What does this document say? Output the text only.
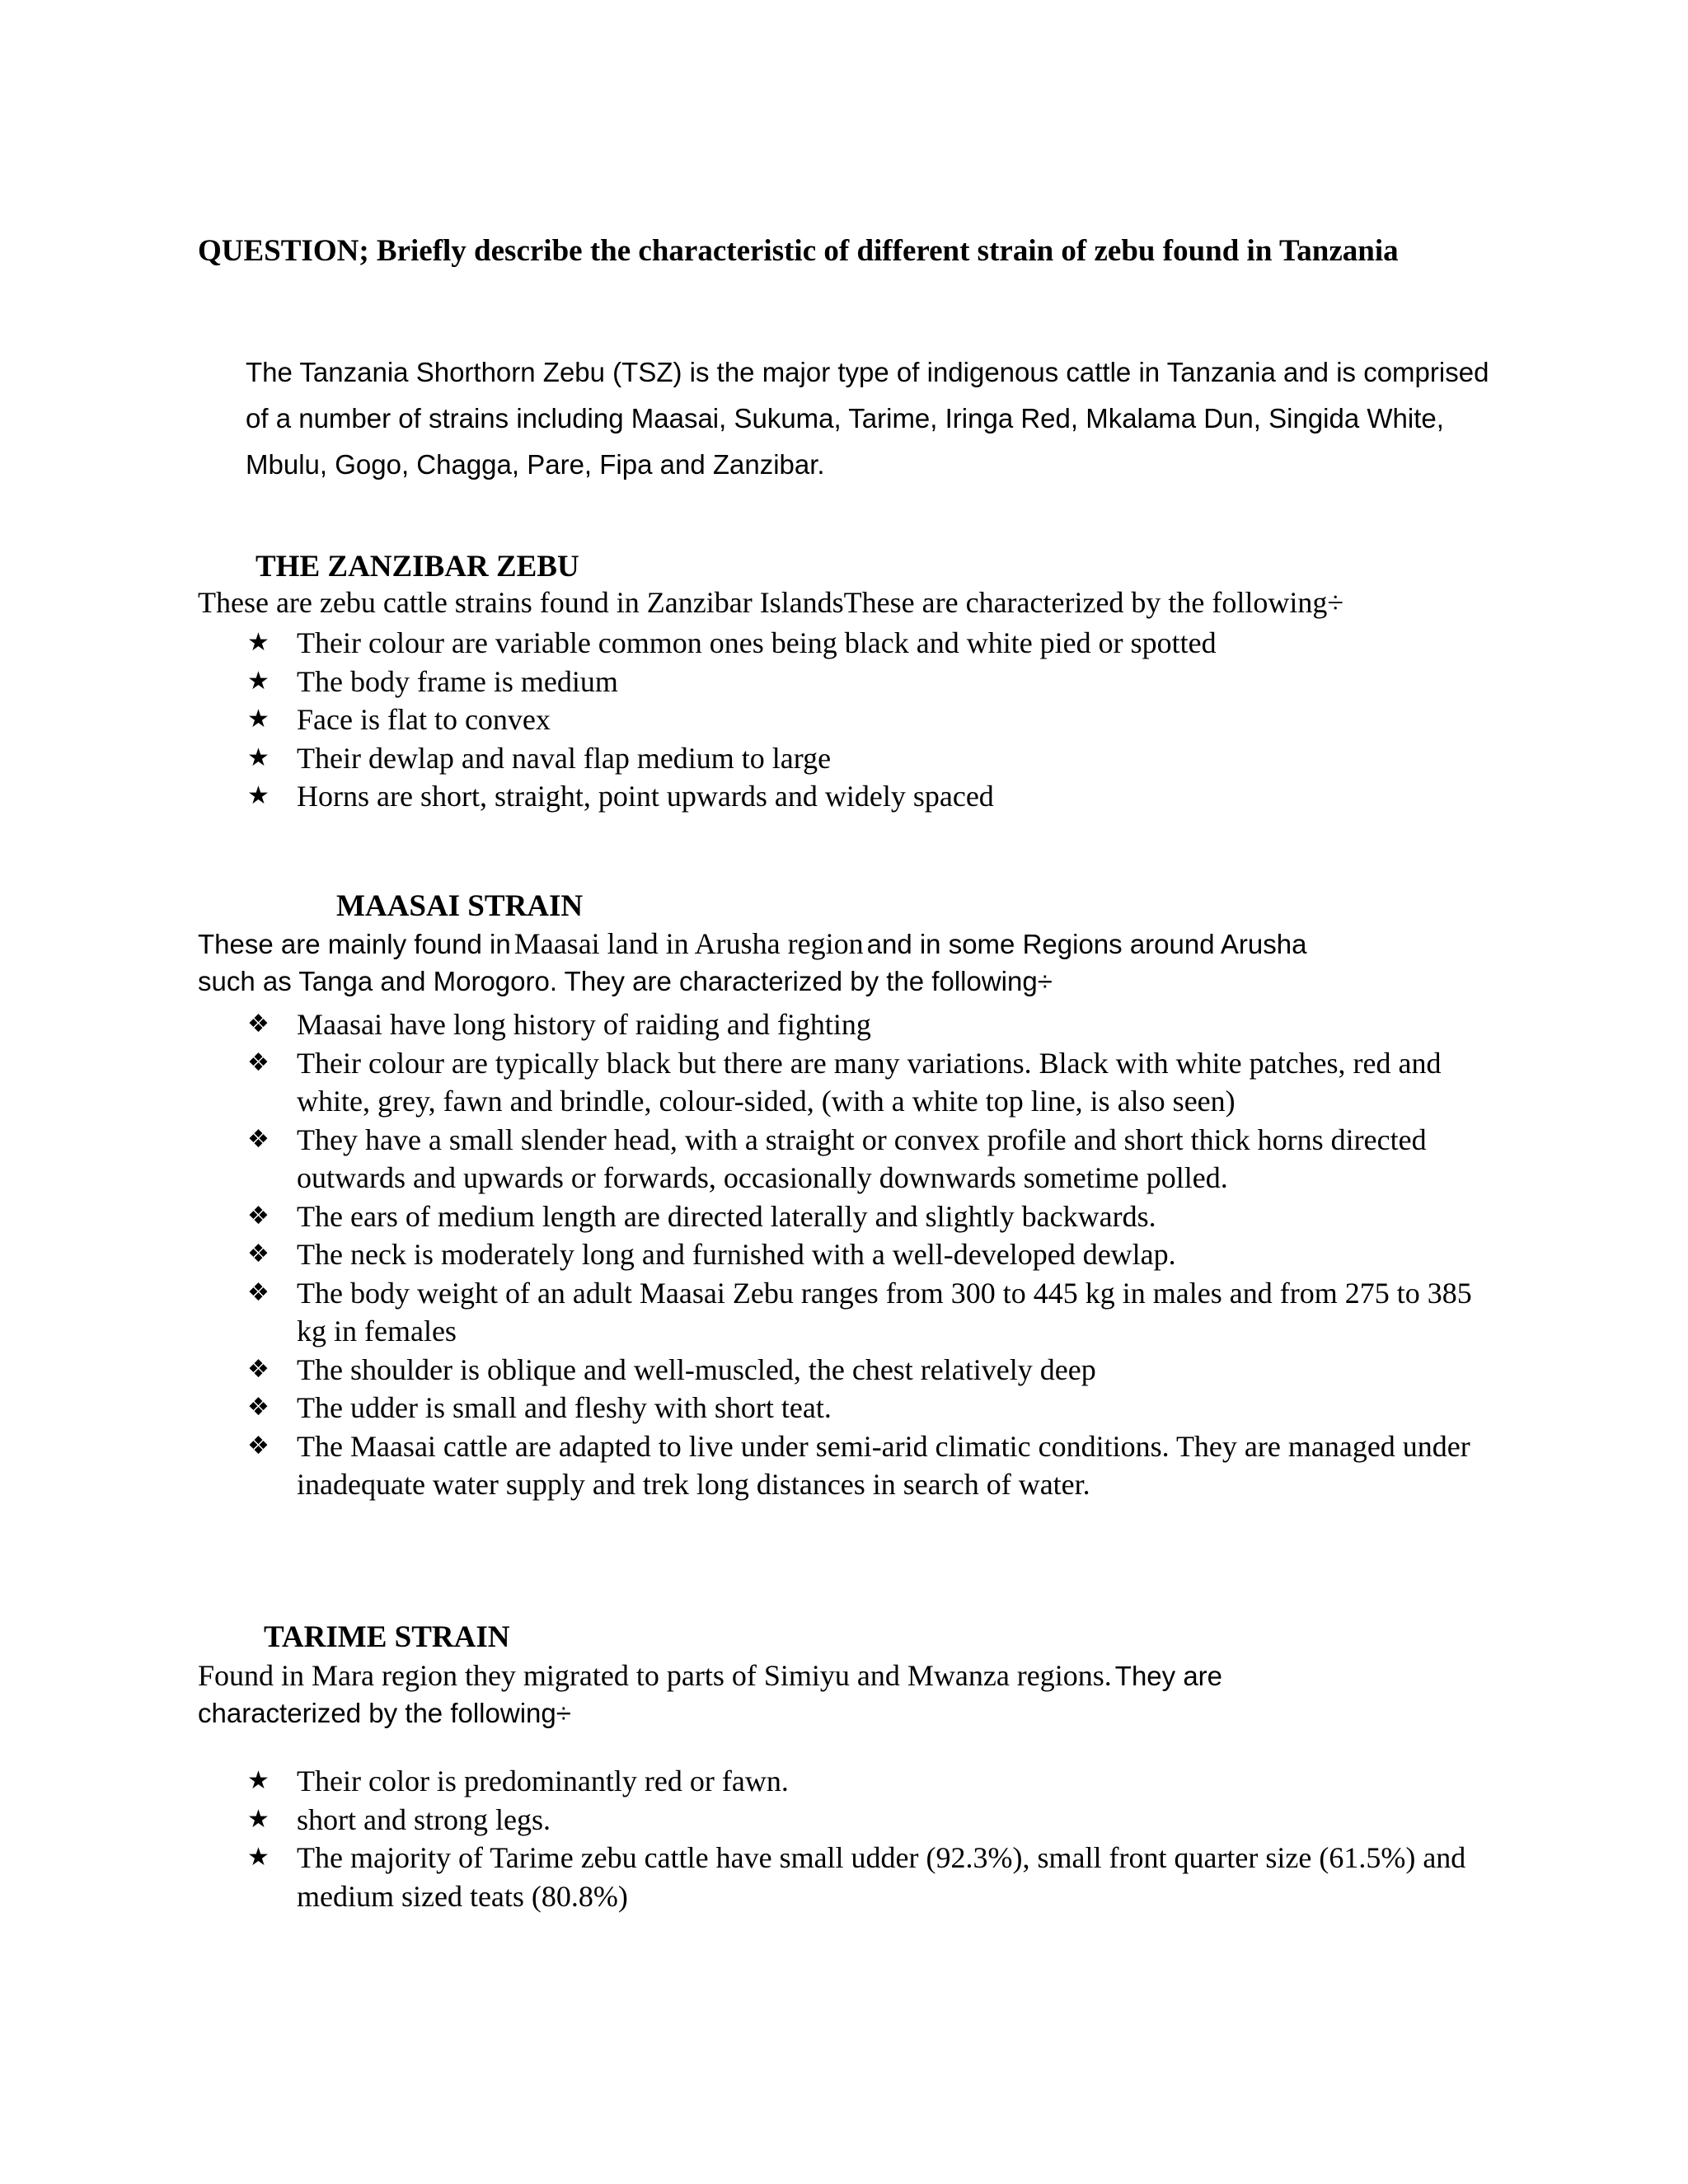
QUESTION; Briefly describe the characteristic of different strain of zebu found in Tanzania
The Tanzania Shorthorn Zebu (TSZ) is the major type of indigenous cattle in Tanzania and is comprised of a number of strains including Maasai, Sukuma, Tarime, Iringa Red, Mkalama Dun, Singida White, Mbulu, Gogo, Chagga, Pare, Fipa and Zanzibar.
THE ZANZIBAR ZEBU
These are zebu cattle strains found in Zanzibar IslandsThese are characterized by the following÷
★ Their colour are variable common ones being black and white pied or spotted
★ The body frame is medium
★ Face is flat to convex
★ Their dewlap and naval flap medium to large
★ Horns are short, straight, point upwards and widely spaced
MAASAI STRAIN
These are mainly found in Maasai land in Arusha region and in some Regions around Arusha
such as Tanga and Morogoro. They are characterized by the following÷
❖ Maasai have long history of raiding and fighting
❖ Their colour are typically black but there are many variations. Black with white patches, red and white, grey, fawn and brindle, colour-sided, (with a white top line, is also seen)
❖ They have a small slender head, with a straight or convex profile and short thick horns directed outwards and upwards or forwards, occasionally downwards sometime polled.
❖ The ears of medium length are directed laterally and slightly backwards.
❖ The neck is moderately long and furnished with a well-developed dewlap.
❖ The body weight of an adult Maasai Zebu ranges from 300 to 445 kg in males and from 275 to 385 kg in females
❖ The shoulder is oblique and well-muscled, the chest relatively deep
❖ The udder is small and fleshy with short teat.
❖ The Maasai cattle are adapted to live under semi-arid climatic conditions. They are managed under inadequate water supply and trek long distances in search of water.
TARIME STRAIN
Found in Mara region they migrated to parts of Simiyu and Mwanza regions. They are
characterized by the following÷
★ Their color is predominantly red or fawn.
★ short and strong legs.
★ The majority of Tarime zebu cattle have small udder (92.3%), small front quarter size (61.5%) and medium sized teats (80.8%)
